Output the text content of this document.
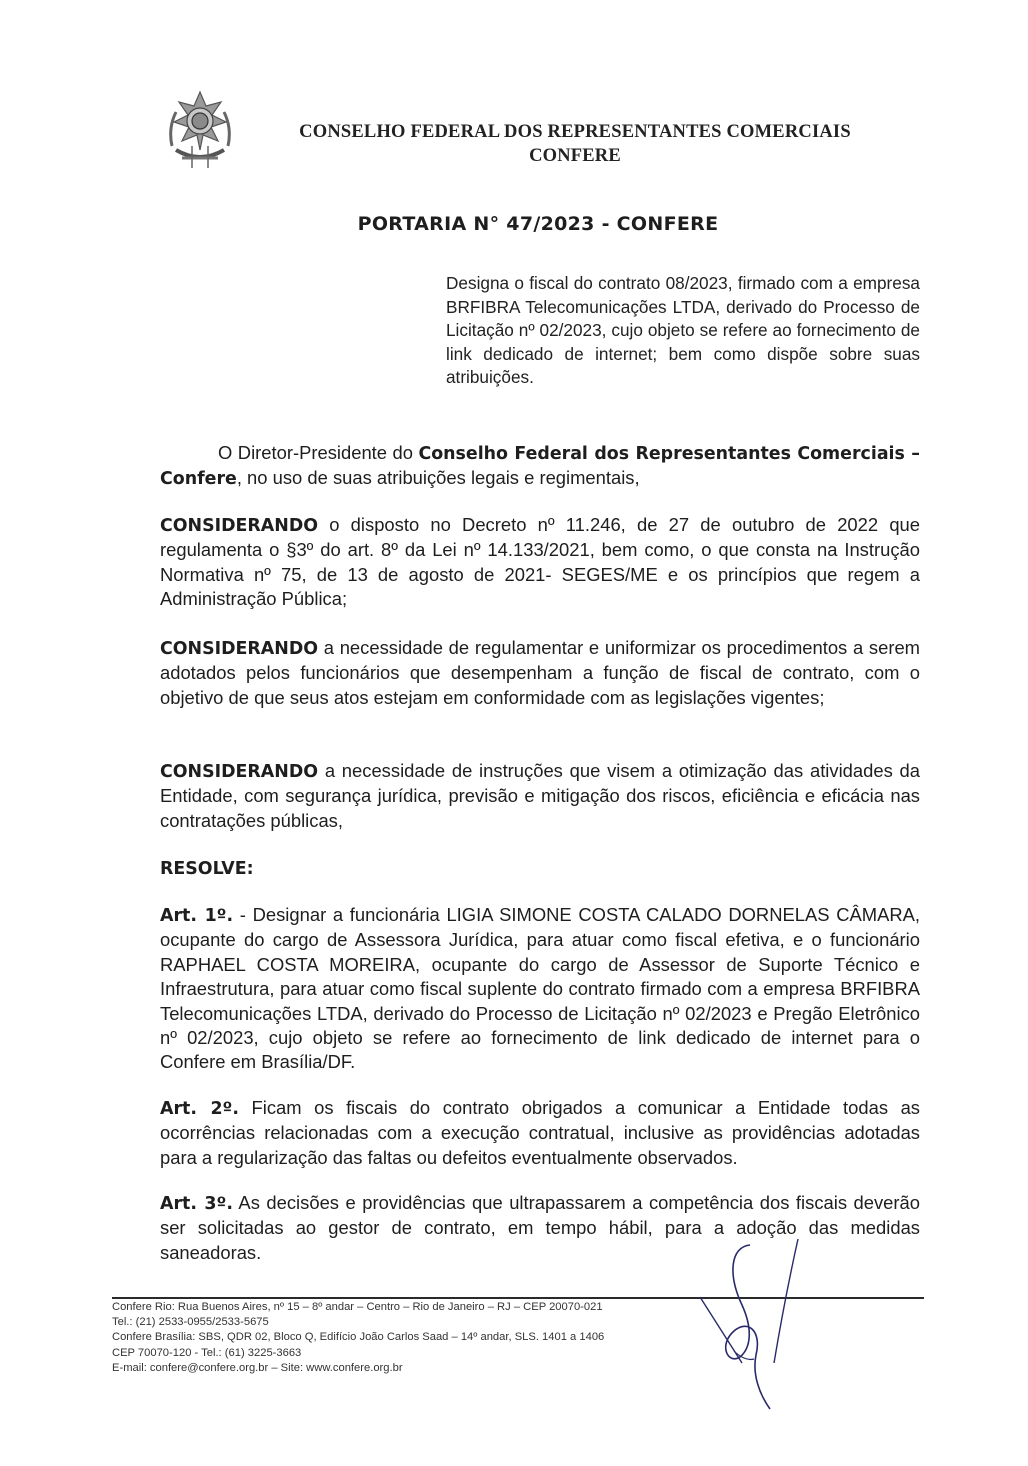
CONSELHO FEDERAL DOS REPRESENTANTES COMERCIAIS
CONFERE
PORTARIA N° 47/2023 - CONFERE
Designa o fiscal do contrato 08/2023, firmado com a empresa BRFIBRA Telecomunicações LTDA, derivado do Processo de Licitação nº 02/2023, cujo objeto se refere ao fornecimento de link dedicado de internet; bem como dispõe sobre suas atribuições.
O Diretor-Presidente do Conselho Federal dos Representantes Comerciais – Confere, no uso de suas atribuições legais e regimentais,
CONSIDERANDO o disposto no Decreto nº 11.246, de 27 de outubro de 2022 que regulamenta o §3º do art. 8º da Lei nº 14.133/2021, bem como, o que consta na Instrução Normativa nº 75, de 13 de agosto de 2021- SEGES/ME e os princípios que regem a Administração Pública;
CONSIDERANDO a necessidade de regulamentar e uniformizar os procedimentos a serem adotados pelos funcionários que desempenham a função de fiscal de contrato, com o objetivo de que seus atos estejam em conformidade com as legislações vigentes;
CONSIDERANDO a necessidade de instruções que visem a otimização das atividades da Entidade, com segurança jurídica, previsão e mitigação dos riscos, eficiência e eficácia nas contratações públicas,
RESOLVE:
Art. 1º. - Designar a funcionária LIGIA SIMONE COSTA CALADO DORNELAS CÂMARA, ocupante do cargo de Assessora Jurídica, para atuar como fiscal efetiva, e o funcionário RAPHAEL COSTA MOREIRA, ocupante do cargo de Assessor de Suporte Técnico e Infraestrutura, para atuar como fiscal suplente do contrato firmado com a empresa BRFIBRA Telecomunicações LTDA, derivado do Processo de Licitação nº 02/2023 e Pregão Eletrônico nº 02/2023, cujo objeto se refere ao fornecimento de link dedicado de internet para o Confere em Brasília/DF.
Art. 2º. Ficam os fiscais do contrato obrigados a comunicar a Entidade todas as ocorrências relacionadas com a execução contratual, inclusive as providências adotadas para a regularização das faltas ou defeitos eventualmente observados.
Art. 3º. As decisões e providências que ultrapassarem a competência dos fiscais deverão ser solicitadas ao gestor de contrato, em tempo hábil, para a adoção das medidas saneadoras.
Confere Rio: Rua Buenos Aires, nº 15 – 8º andar – Centro – Rio de Janeiro – RJ – CEP 20070-021
Tel.: (21) 2533-0955/2533-5675
Confere Brasília: SBS, QDR 02, Bloco Q, Edifício João Carlos Saad – 14º andar, SLS. 1401 a 1406
CEP 70070-120 - Tel.: (61) 3225-3663
E-mail: confere@confere.org.br – Site: www.confere.org.br
